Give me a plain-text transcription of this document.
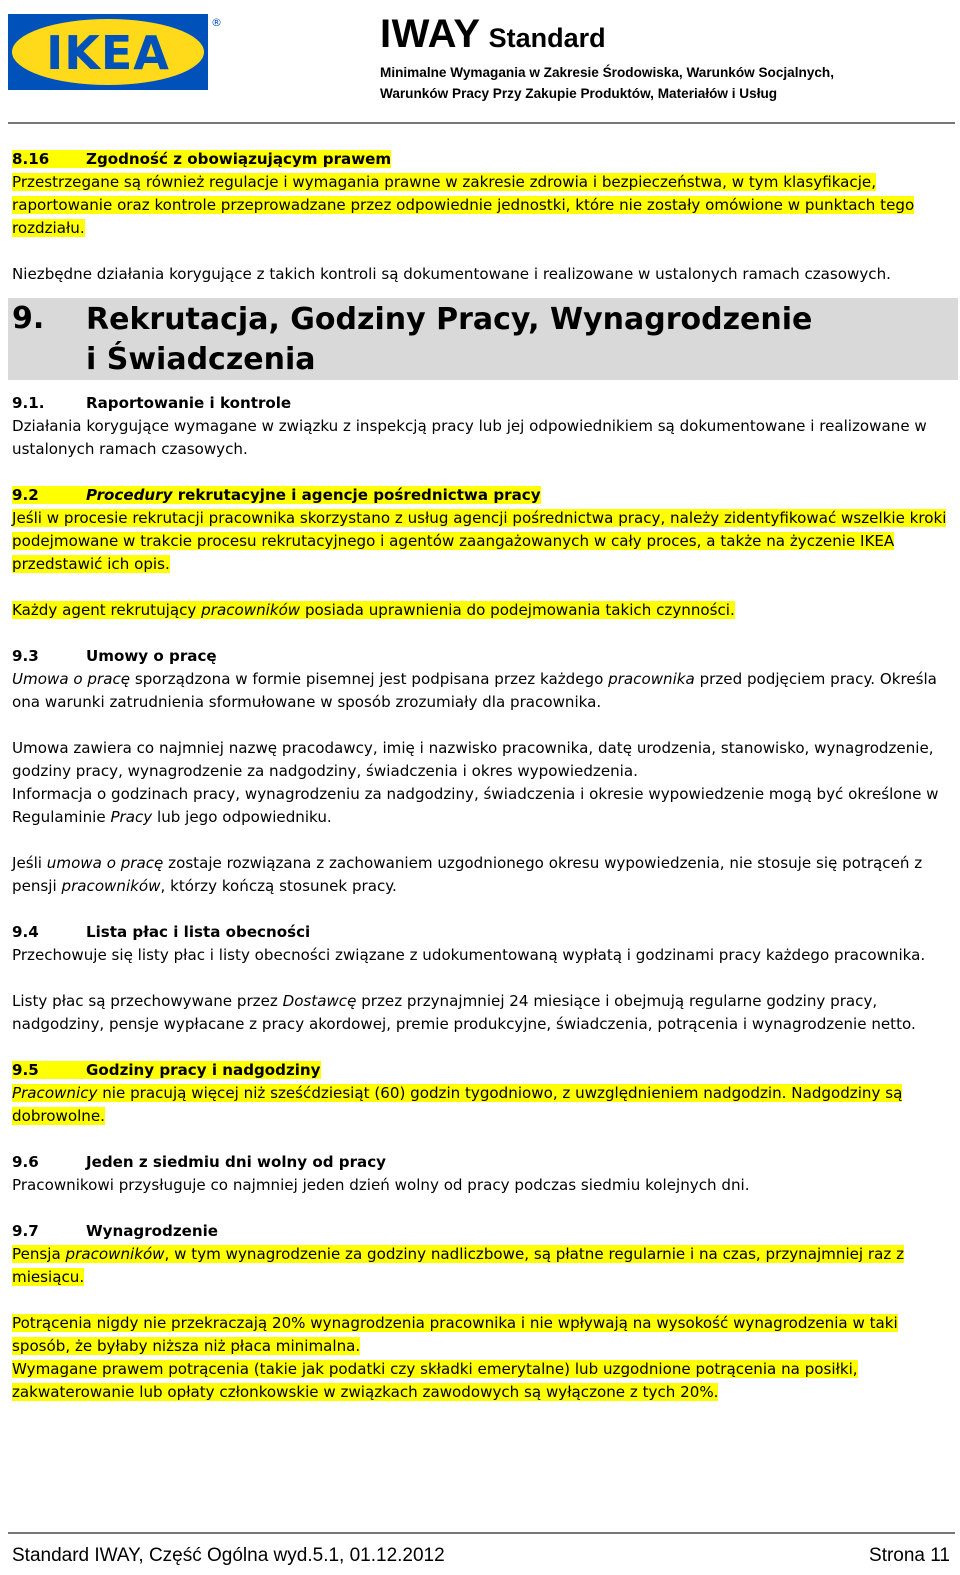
IKEA
®	IWAY Standard
Minimalne Wymagania w Zakresie Środowiska, Warunków Socjalnych,
Warunków Pracy Przy Zakupie Produktów, Materiałów i Usług

8.16 Zgodność z obowiązującym prawem

Przestrzegane są również regulacje i wymagania prawne w zakresie zdrowia i bezpieczeństwa, w tym klasyfikacje, raportowanie oraz kontrole przeprowadzane przez odpowiednie jednostki, które nie zostały omówione w punktach tego rozdziału.

Niezbędne działania korygujące z takich kontroli są dokumentowane i realizowane w ustalonych ramach czasowych.

9. Rekrutacja, Godziny Pracy, Wynagrodzenie
i Świadczenia

9.1.	Raportowanie i kontrole

Działania korygujące wymagane w związku z inspekcją pracy lub jej odpowiednikiem są dokumentowane i realizowane w ustalonych ramach czasowych.

9.2	Procedury rekrutacyjne i agencje pośrednictwa pracy

Jeśli w procesie rekrutacji pracownika skorzystano z usług agencji pośrednictwa pracy, należy zidentyfikować wszelkie kroki podejmowane w trakcie procesu rekrutacyjnego i agentów zaangażowanych w cały proces, a także na życzenie IKEA przedstawić ich opis.

Każdy agent rekrutujący pracowników posiada uprawnienia do podejmowania takich czynności.

9.3	Umowy o pracę

Umowa o pracę sporządzona w formie pisemnej jest podpisana przez każdego pracownika przed podjęciem pracy. Określa ona warunki zatrudnienia sformułowane w sposób zrozumiały dla pracownika.

Umowa zawiera co najmniej nazwę pracodawcy, imię i nazwisko pracownika, datę urodzenia, stanowisko, wynagrodzenie, godziny pracy, wynagrodzenie za nadgodziny, świadczenia i okres wypowiedzenia.

Informacja o godzinach pracy, wynagrodzeniu za nadgodziny, świadczenia i okresie wypowiedzenie mogą być określone w Regulaminie Pracy lub jego odpowiedniku.

Jeśli umowa o pracę zostaje rozwiązana z zachowaniem uzgodnionego okresu wypowiedzenia, nie stosuje się potrąceń z pensji pracowników, którzy kończą stosunek pracy.

9.4	Lista płac i lista obecności

Przechowuje się listy płac i listy obecności związane z udokumentowaną wypłatą i godzinami pracy każdego pracownika.

Listy płac są przechowywane przez Dostawcę przez przynajmniej 24 miesiące i obejmują regularne godziny pracy, nadgodziny, pensje wypłacane z pracy akordowej, premie produkcyjne, świadczenia, potrącenia i wynagrodzenie netto.

9.5	Godziny pracy i nadgodziny

Pracownicy nie pracują więcej niż sześćdziesiąt (60) godzin tygodniowo, z uwzględnieniem nadgodzin. Nadgodziny są dobrowolne.

9.6	Jeden z siedmiu dni wolny od pracy

Pracownikowi przysługuje co najmniej jeden dzień wolny od pracy podczas siedmiu kolejnych dni.

9.7	Wynagrodzenie

Pensja pracowników, w tym wynagrodzenie za godziny nadliczbowe, są płatne regularnie i na czas, przynajmniej raz z miesiącu.

Potrącenia nigdy nie przekraczają 20% wynagrodzenia pracownika i nie wpływają na wysokość wynagrodzenia w taki sposób, że byłaby niższa niż płaca minimalna.

Wymagane prawem potrącenia (takie jak podatki czy składki emerytalne) lub uzgodnione potrącenia na posiłki, zakwaterowanie lub opłaty członkowskie w związkach zawodowych są wyłączone z tych 20%.

Standard IWAY, Część Ogólna wyd.5.1, 01.12.2012	Strona 11
